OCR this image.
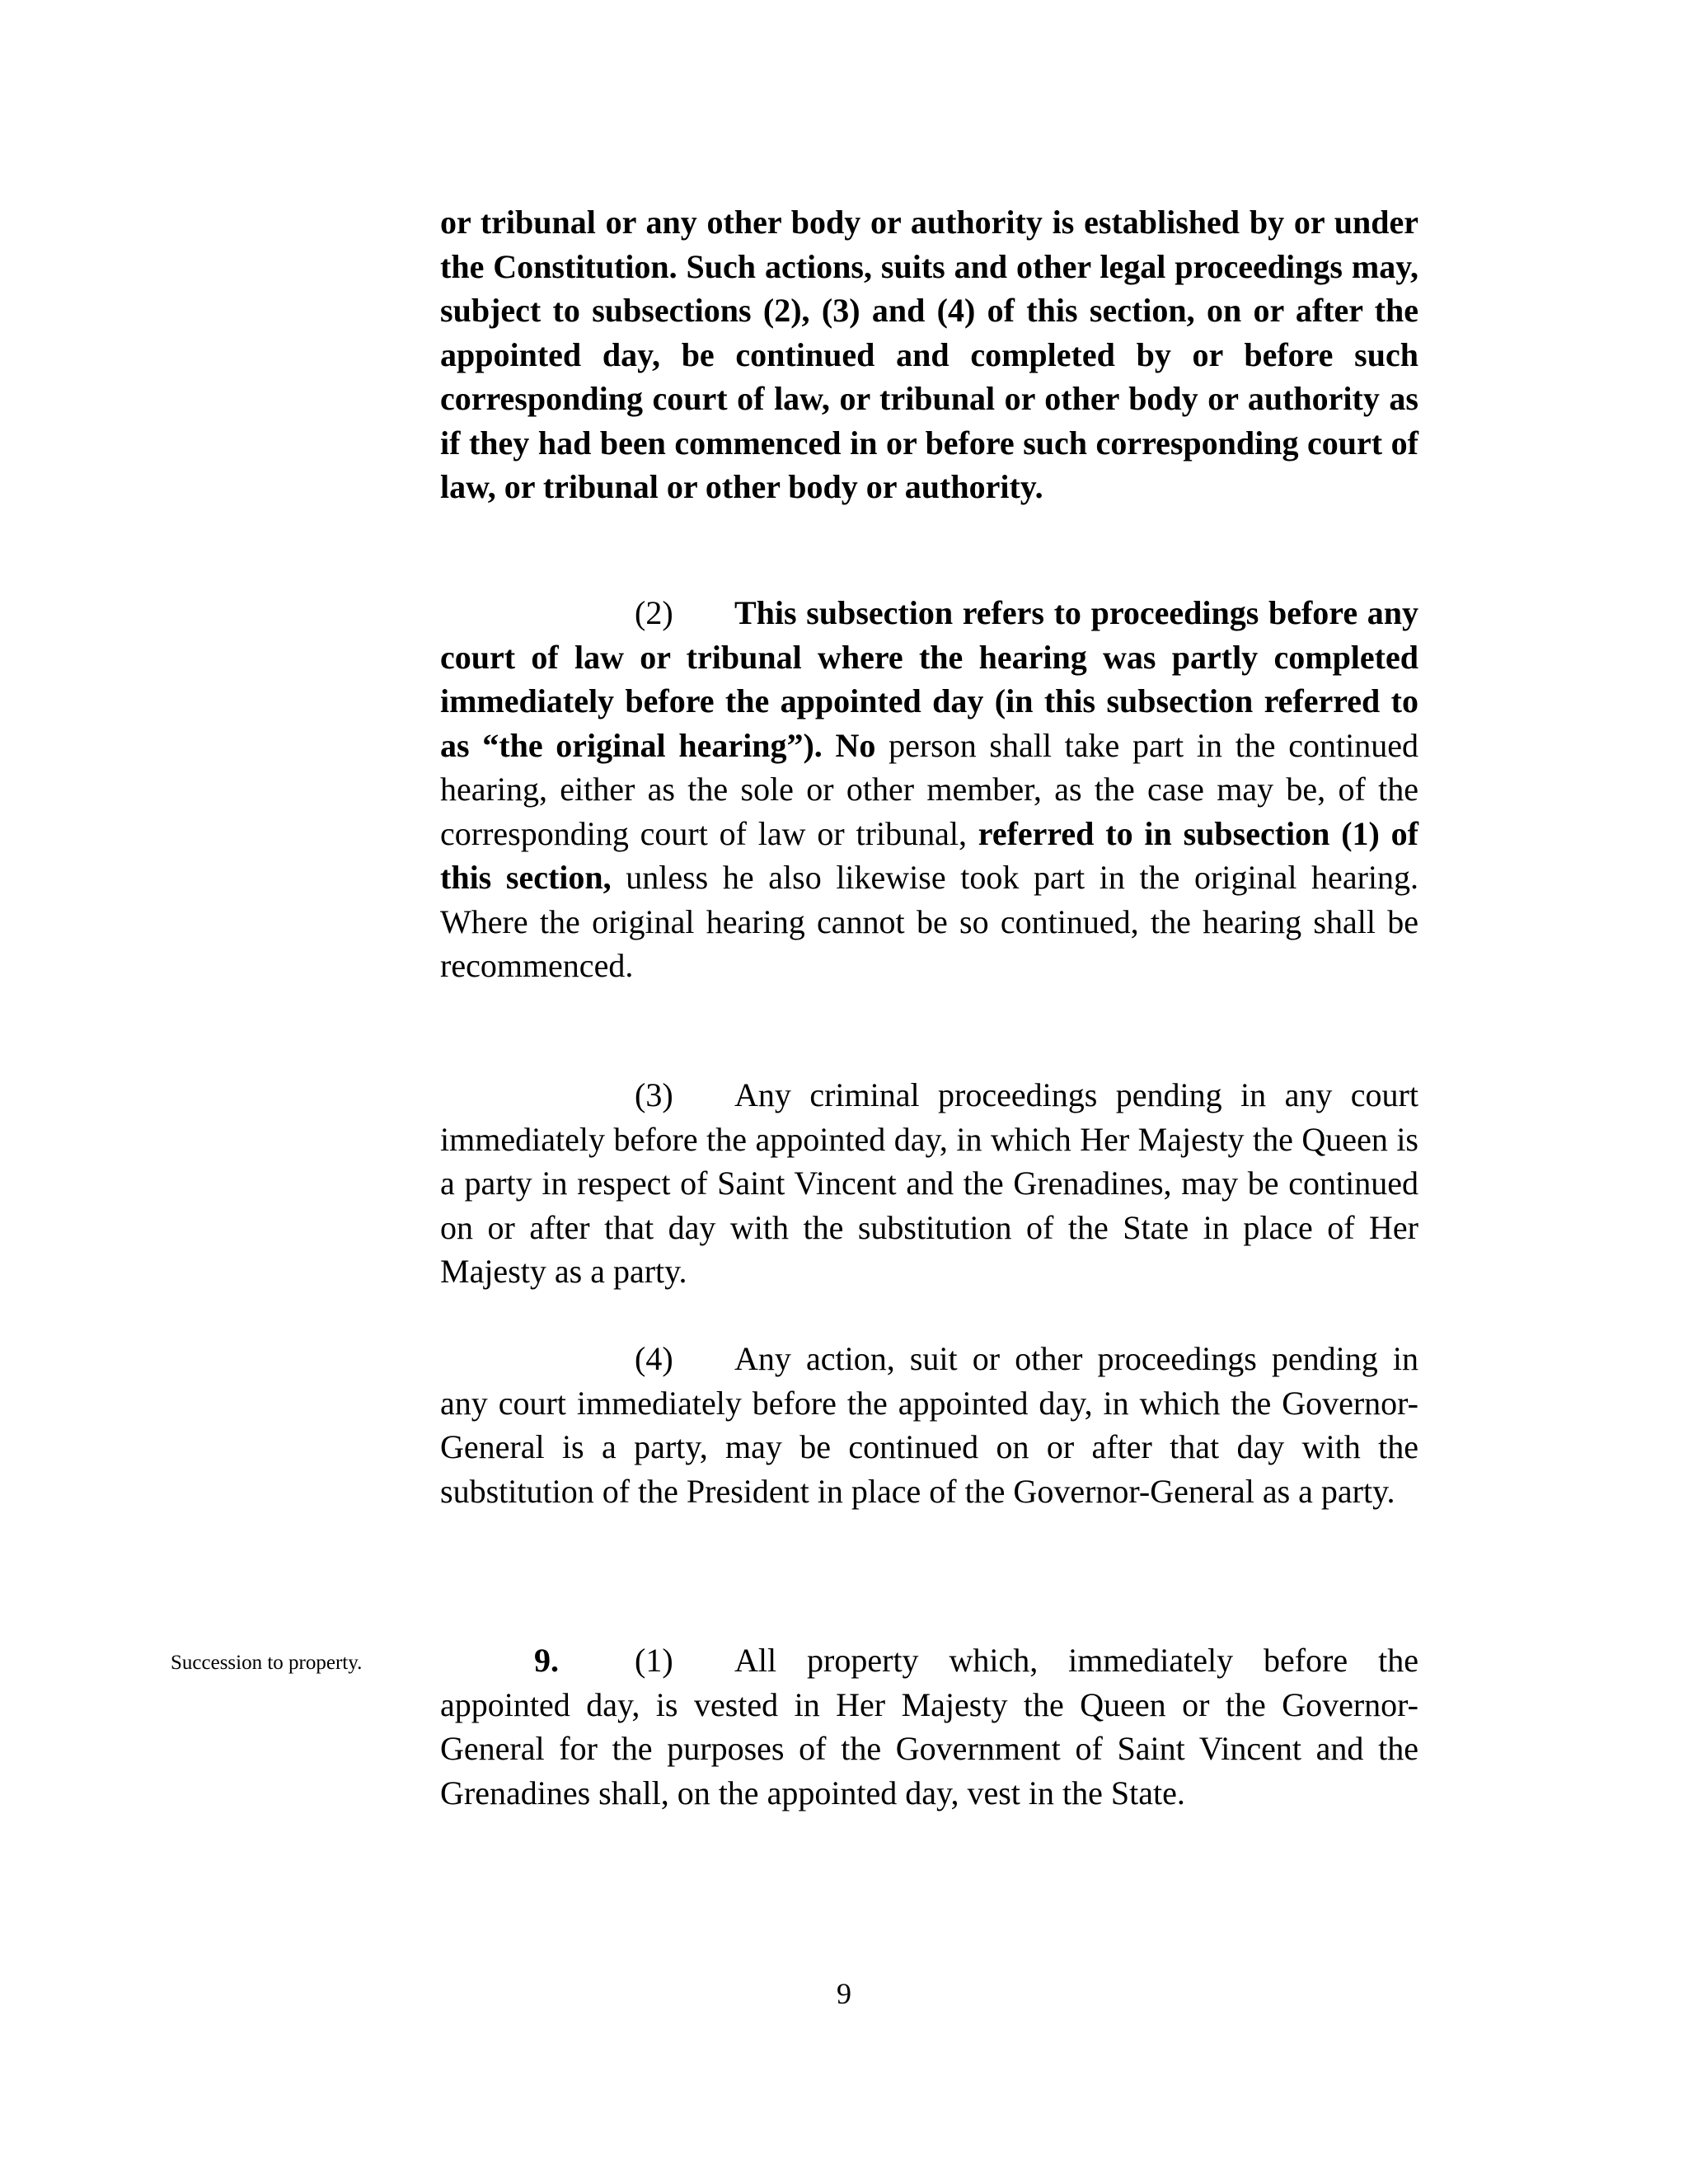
or tribunal or any other body or authority is established by or under the Constitution. Such actions, suits and other legal proceedings may, subject to subsections (2), (3) and (4) of this section, on or after the appointed day, be continued and completed by or before such corresponding court of law, or tribunal or other body or authority as if they had been commenced in or before such corresponding court of law, or tribunal or other body or authority.

(2) This subsection refers to proceedings before any court of law or tribunal where the hearing was partly completed immediately before the appointed day (in this subsection referred to as “the original hearing”). No person shall take part in the continued hearing, either as the sole or other member, as the case may be, of the corresponding court of law or tribunal, referred to in subsection (1) of this section, unless he also likewise took part in the original hearing. Where the original hearing cannot be so continued, the hearing shall be recommenced.

(3) Any criminal proceedings pending in any court immediately before the appointed day, in which Her Majesty the Queen is a party in respect of Saint Vincent and the Grenadines, may be continued on or after that day with the substitution of the State in place of Her Majesty as a party.

(4) Any action, suit or other proceedings pending in any court immediately before the appointed day, in which the Governor-General is a party, may be continued on or after that day with the substitution of the President in place of the Governor-General as a party.

Succession to property.	(1) All property which, immediately before the appointed day, is vested in Her Majesty the Queen or the Governor-General for the purposes of the Government of Saint Vincent and the Grenadines shall, on the appointed day, vest in the State.

9.
9
